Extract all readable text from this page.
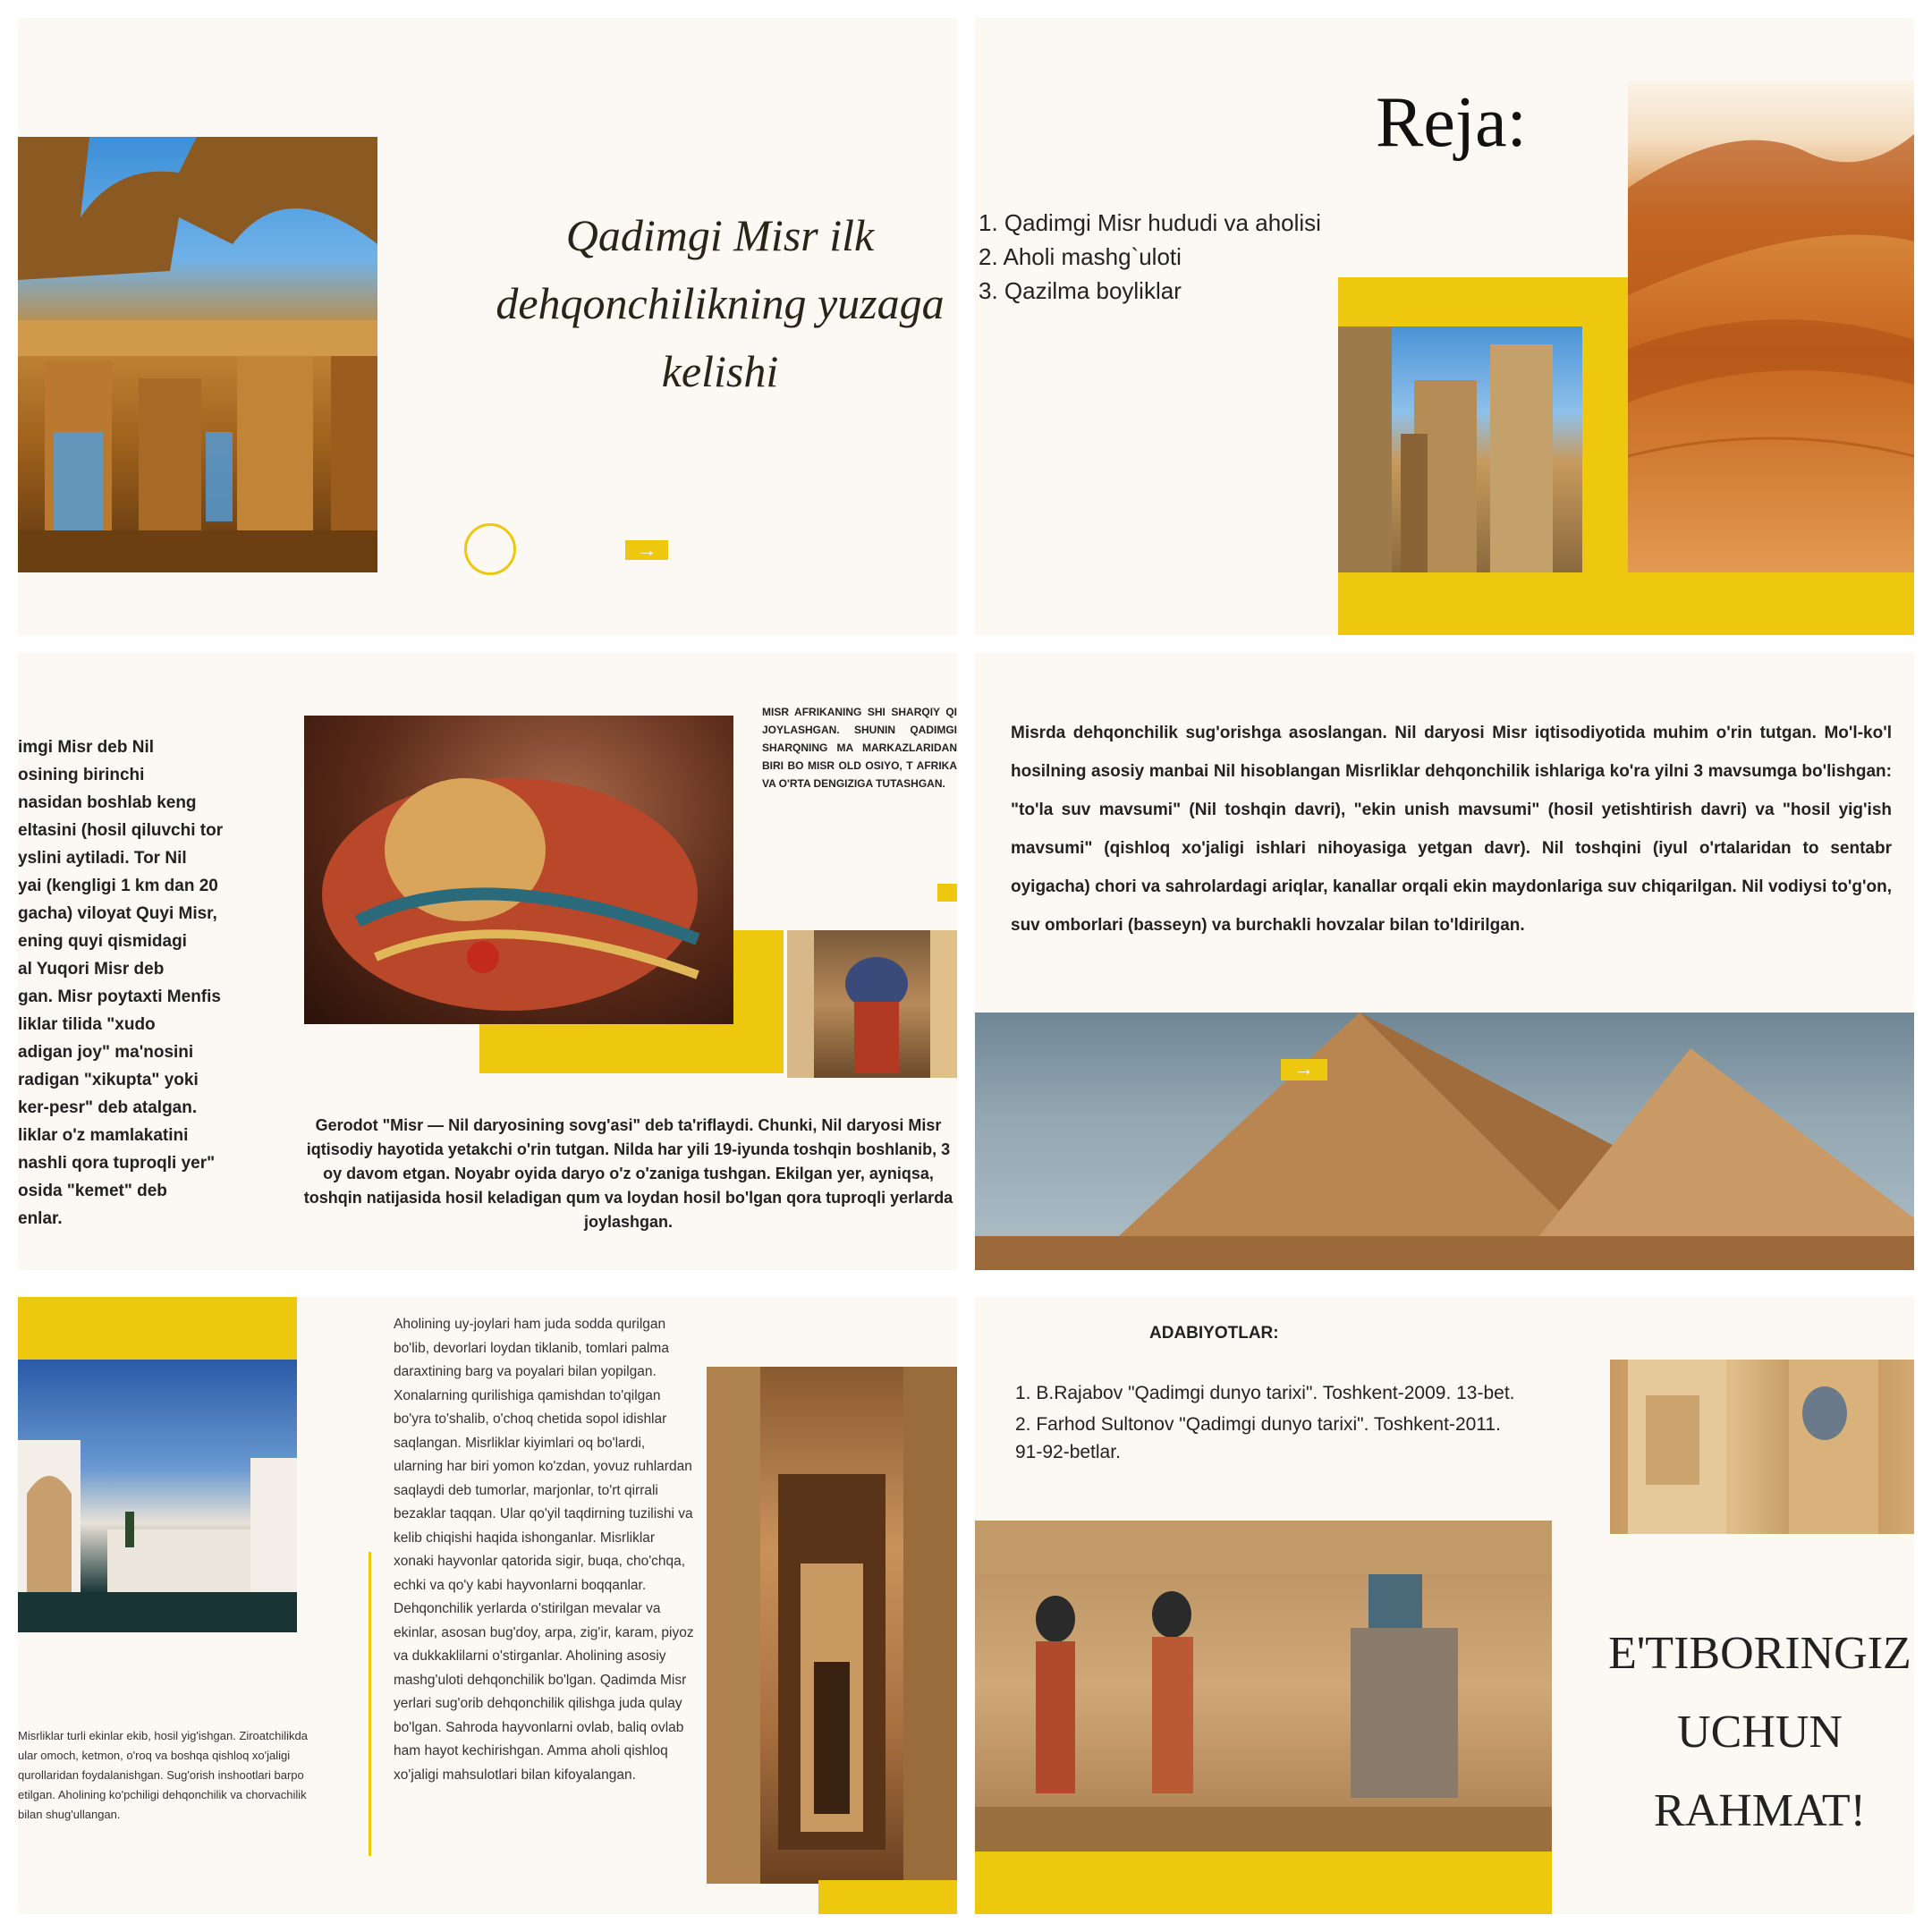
Qadimgi Misr ilk
dehqonchilikning yuzaga
kelishi
→
Reja:
1. Qadimgi Misr hududi va aholisi
2. Aholi mashg`uloti
3. Qazilma boyliklar
imgi Misr deb Nil
osining birinchi
nasidan boshlab keng
eltasini (hosil qiluvchi tor
yslini aytiladi. Tor Nil
yai (kengligi 1 km dan 20
gacha) viloyat Quyi Misr,
ening quyi qismidagi
al Yuqori Misr deb
gan. Misr poytaxti Menfis
liklar tilida "xudo
adigan joy" ma'nosini
radigan "xikupta" yoki
ker-pesr" deb atalgan.
liklar o'z mamlakatini
nashli qora tuproqli yer"
osida "kemet" deb
enlar.
MISR AFRIKANING SHI SHARQIY QI JOYLASHGAN. SHUNIN QADIMGI SHARQNING MA MARKAZLARIDAN BIRI BO MISR OLD OSIYO, T AFRIKA VA O'RTA DENGIZIGA TUTASHGAN.
Gerodot "Misr — Nil daryosining sovg'asi" deb ta'riflaydi. Chunki, Nil daryosi Misr iqtisodiy hayotida yetakchi o'rin tutgan. Nilda har yili 19-iyunda toshqin boshlanib, 3 oy davom etgan. Noyabr oyida daryo o'z o'zaniga tushgan. Ekilgan yer, ayniqsa, toshqin natijasida hosil keladigan qum va loydan hosil bo'lgan qora tuproqli yerlarda joylashgan.
Misrda dehqonchilik sug'orishga asoslangan. Nil daryosi Misr iqtisodiyotida muhim o'rin tutgan. Mo'l-ko'l hosilning asosiy manbai Nil hisoblangan Misrliklar dehqonchilik ishlariga ko'ra yilni 3 mavsumga bo'lishgan: "to'la suv mavsumi" (Nil toshqin davri), "ekin unish mavsumi" (hosil yetishtirish davri) va "hosil yig'ish mavsumi" (qishloq xo'jaligi ishlari nihoyasiga yetgan davr). Nil toshqini (iyul o'rtalaridan to sentabr oyigacha) chori va sahrolardagi ariqlar, kanallar orqali ekin maydonlariga suv chiqarilgan. Nil vodiysi to'g'on, suv omborlari (basseyn) va burchakli hovzalar bilan to'ldirilgan.
→
Misrliklar turli ekinlar ekib, hosil yig'ishgan. Ziroatchilikda ular omoch, ketmon, o'roq va boshqa qishloq xo'jaligi qurollaridan foydalanishgan. Sug'orish inshootlari barpo etilgan. Aholining ko'pchiligi dehqonchilik va chorvachilik bilan shug'ullangan.
Aholining uy-joylari ham juda sodda qurilgan bo'lib, devorlari loydan tiklanib, tomlari palma daraxtining barg va poyalari bilan yopilgan. Xonalarning qurilishiga qamishdan to'qilgan bo'yra to'shalib, o'choq chetida sopol idishlar saqlangan. Misrliklar kiyimlari oq bo'lardi, ularning har biri yomon ko'zdan, yovuz ruhlardan saqlaydi deb tumorlar, marjonlar, to'rt qirrali bezaklar taqqan. Ular qo'yil taqdirning tuzilishi va kelib chiqishi haqida ishonganlar. Misrliklar xonaki hayvonlar qatorida sigir, buqa, cho'chqa, echki va qo'y kabi hayvonlarni boqqanlar. Dehqonchilik yerlarda o'stirilgan mevalar va ekinlar, asosan bug'doy, arpa, zig'ir, karam, piyoz va dukkaklilarni o'stirganlar. Aholining asosiy mashg'uloti dehqonchilik bo'lgan. Qadimda Misr yerlari sug'orib dehqonchilik qilishga juda qulay bo'lgan. Sahroda hayvonlarni ovlab, baliq ovlab ham hayot kechirishgan. Amma aholi qishloq xo'jaligi mahsulotlari bilan kifoyalangan.
ADABIYOTLAR:
1. B.Rajabov "Qadimgi dunyo tarixi". Toshkent-2009. 13-bet.
2. Farhod Sultonov "Qadimgi dunyo tarixi". Toshkent-2011. 91-92-betlar.
E'TIBORINGIZ
UCHUN
RAHMAT!
